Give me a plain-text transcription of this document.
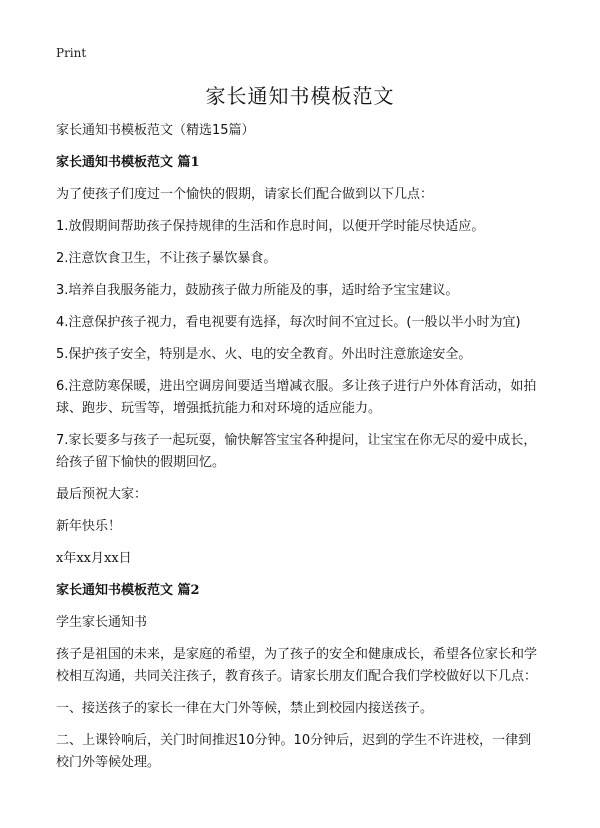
Print
家长通知书模板范文

家长通知书模板范文（精选15篇）

家长通知书模板范文 篇1

为了使孩子们度过一个愉快的假期，请家长们配合做到以下几点：

1.放假期间帮助孩子保持规律的生活和作息时间，以便开学时能尽快适应。

2.注意饮食卫生，不让孩子暴饮暴食。

3.培养自我服务能力，鼓励孩子做力所能及的事，适时给予宝宝建议。

4.注意保护孩子视力，看电视要有选择，每次时间不宜过长。(一般以半小时为宜)

5.保护孩子安全，特别是水、火、电的安全教育。外出时注意旅途安全。

6.注意防寒保暖，进出空调房间要适当增减衣服。多让孩子进行户外体育活动，如拍球、跑步、玩雪等，增强抵抗能力和对环境的适应能力。

7.家长要多与孩子一起玩耍，愉快解答宝宝各种提问，让宝宝在你无尽的爱中成长，给孩子留下愉快的假期回忆。

最后预祝大家：

新年快乐！

x年xx月xx日

家长通知书模板范文 篇2

学生家长通知书

孩子是祖国的未来，是家庭的希望，为了孩子的安全和健康成长，希望各位家长和学校相互沟通，共同关注孩子，教育孩子。请家长朋友们配合我们学校做好以下几点：

一、接送孩子的家长一律在大门外等候，禁止到校园内接送孩子。

二、上课铃响后，关门时间推迟10分钟。10分钟后，迟到的学生不许进校，一律到校门外等候处理。
